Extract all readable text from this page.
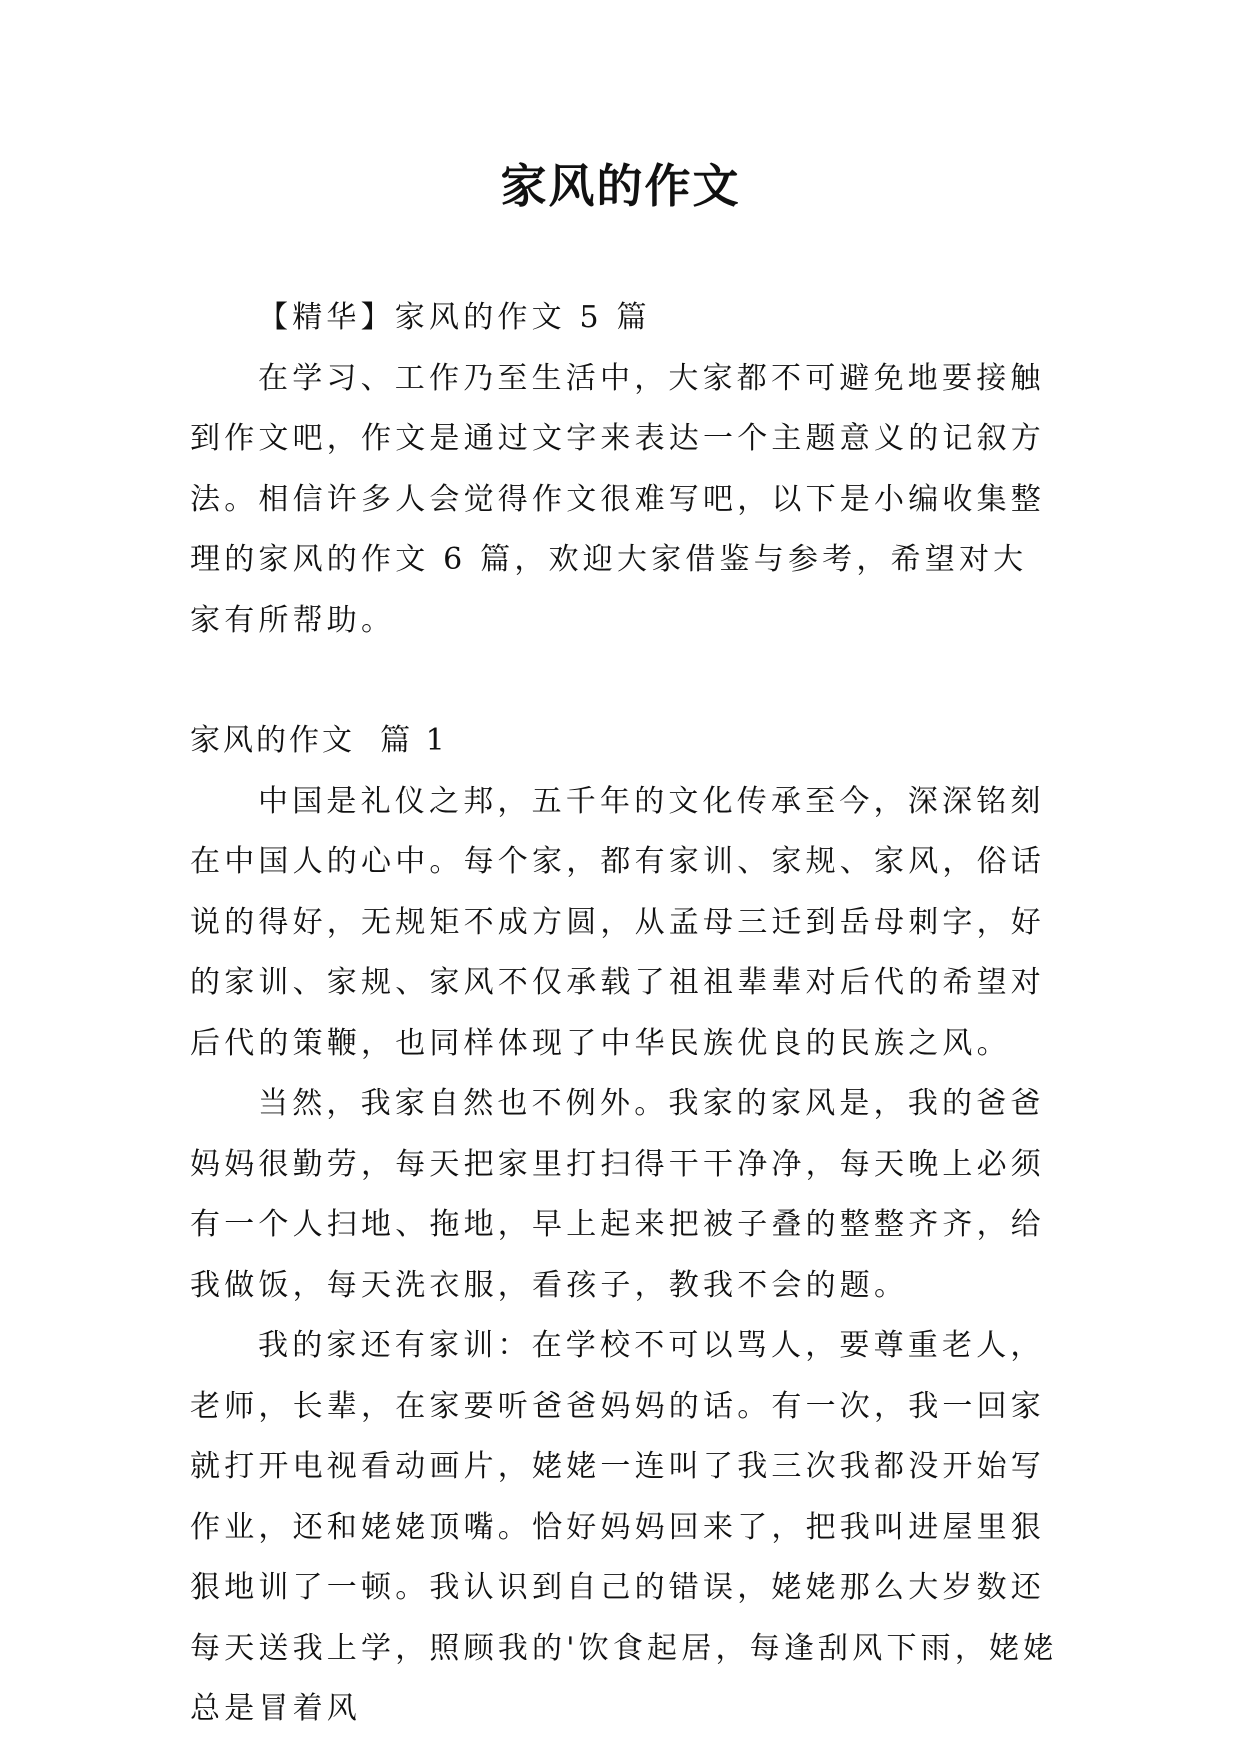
家风的作文

【精华】家风的作文 5 篇

在学习、工作乃至生活中，大家都不可避免地要接触到作文吧，作文是通过文字来表达一个主题意义的记叙方法。相信许多人会觉得作文很难写吧，以下是小编收集整理的家风的作文 6 篇，欢迎大家借鉴与参考，希望对大家有所帮助。

家风的作文  篇 1

中国是礼仪之邦，五千年的文化传承至今，深深铭刻在中国人的心中。每个家，都有家训、家规、家风，俗话说的得好，无规矩不成方圆，从孟母三迁到岳母刺字，好的家训、家规、家风不仅承载了祖祖辈辈对后代的希望对后代的策鞭，也同样体现了中华民族优良的民族之风。

当然，我家自然也不例外。我家的家风是，我的爸爸妈妈很勤劳，每天把家里打扫得干干净净，每天晚上必须有一个人扫地、拖地，早上起来把被子叠的整整齐齐，给我做饭，每天洗衣服，看孩子，教我不会的题。

我的家还有家训：在学校不可以骂人，要尊重老人，老师，长辈，在家要听爸爸妈妈的话。有一次，我一回家就打开电视看动画片，姥姥一连叫了我三次我都没开始写作业，还和姥姥顶嘴。恰好妈妈回来了，把我叫进屋里狠狠地训了一顿。我认识到自己的错误，姥姥那么大岁数还每天送我上学，照顾我的'饮食起居，每逢刮风下雨，姥姥总是冒着风
